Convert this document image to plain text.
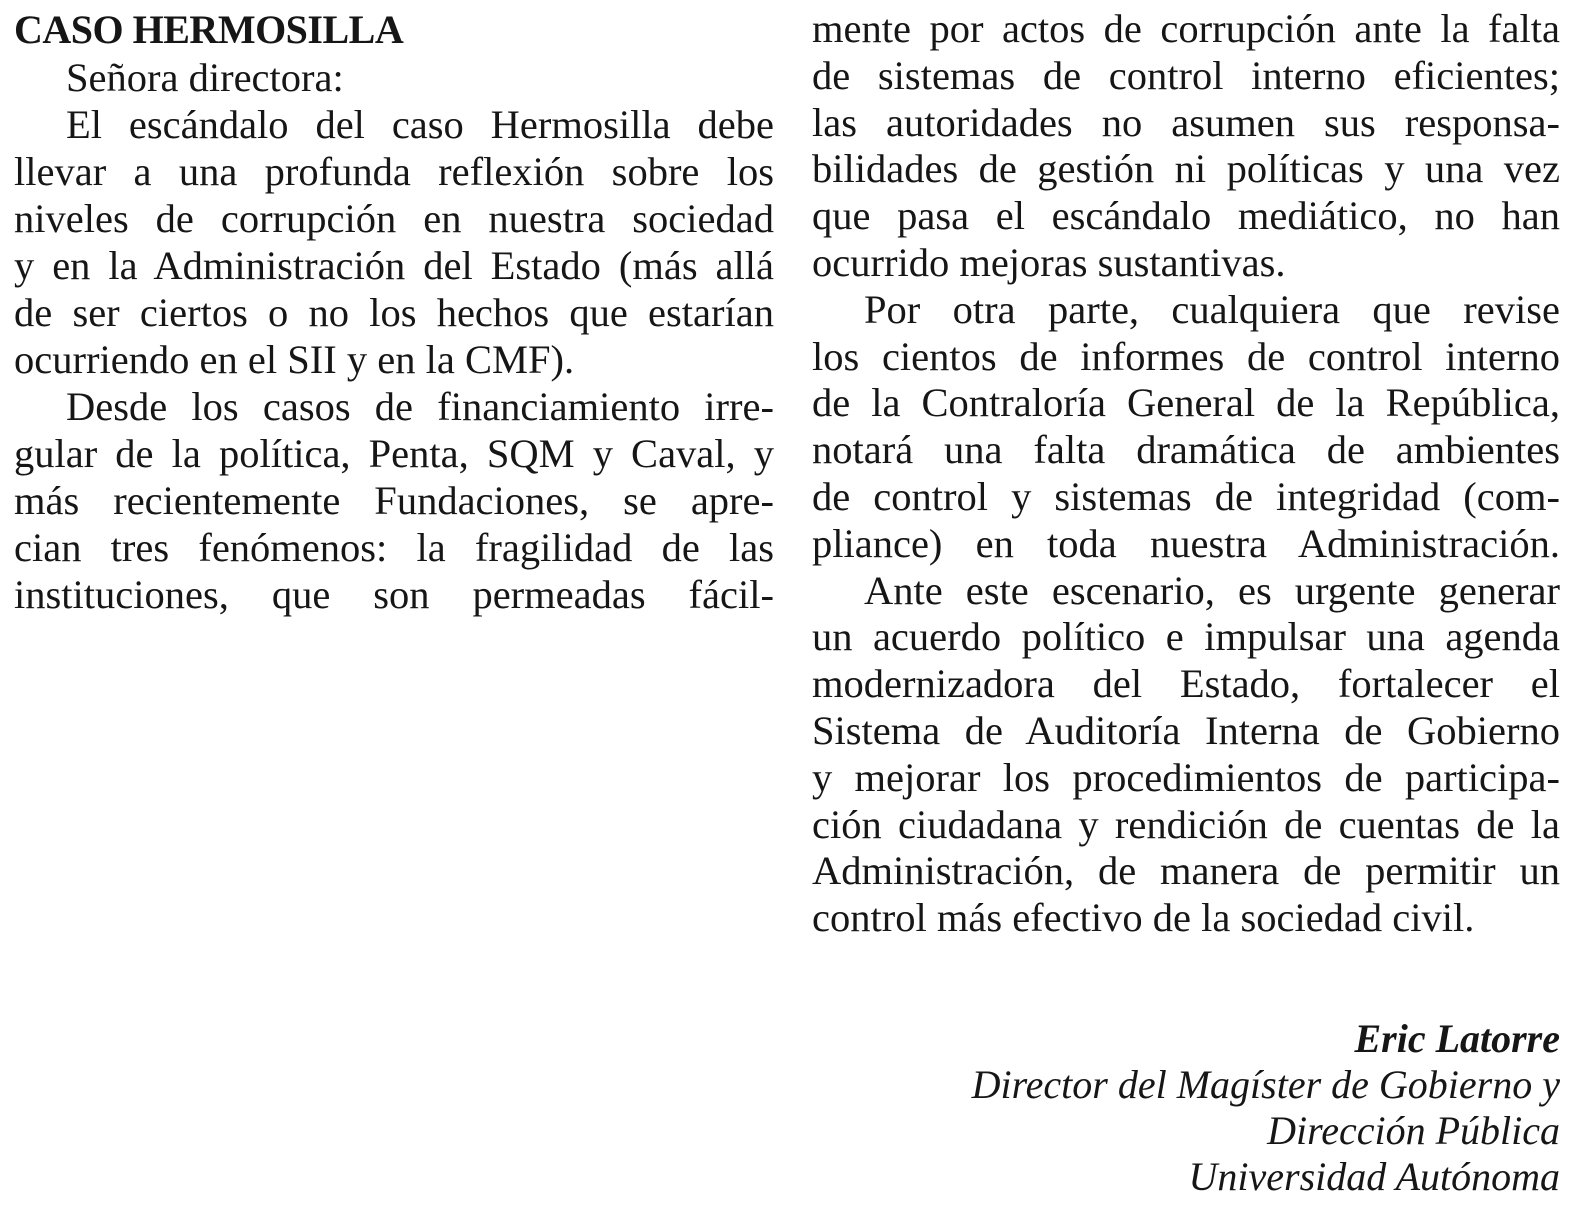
CASO HERMOSILLA
Señora directora:
El escándalo del caso Hermosilla debe
llevar a una profunda reflexión sobre los
niveles de corrupción en nuestra sociedad
y en la Administración del Estado (más allá
de ser ciertos o no los hechos que estarían
ocurriendo en el SII y en la CMF).
Desde los casos de financiamiento irre-
gular de la política, Penta, SQM y Caval, y
más recientemente Fundaciones, se apre-
cian tres fenómenos: la fragilidad de las
instituciones, que son permeadas fácil-
mente por actos de corrupción ante la falta
de sistemas de control interno eficientes;
las autoridades no asumen sus responsa-
bilidades de gestión ni políticas y una vez
que pasa el escándalo mediático, no han
ocurrido mejoras sustantivas.
Por otra parte, cualquiera que revise
los cientos de informes de control interno
de la Contraloría General de la República,
notará una falta dramática de ambientes
de control y sistemas de integridad (com-
pliance) en toda nuestra Administración.
Ante este escenario, es urgente generar
un acuerdo político e impulsar una agenda
modernizadora del Estado, fortalecer el
Sistema de Auditoría Interna de Gobierno
y mejorar los procedimientos de participa-
ción ciudadana y rendición de cuentas de la
Administración, de manera de permitir un
control más efectivo de la sociedad civil.
Eric Latorre
Director del Magíster de Gobierno y
Dirección Pública
Universidad Autónoma
